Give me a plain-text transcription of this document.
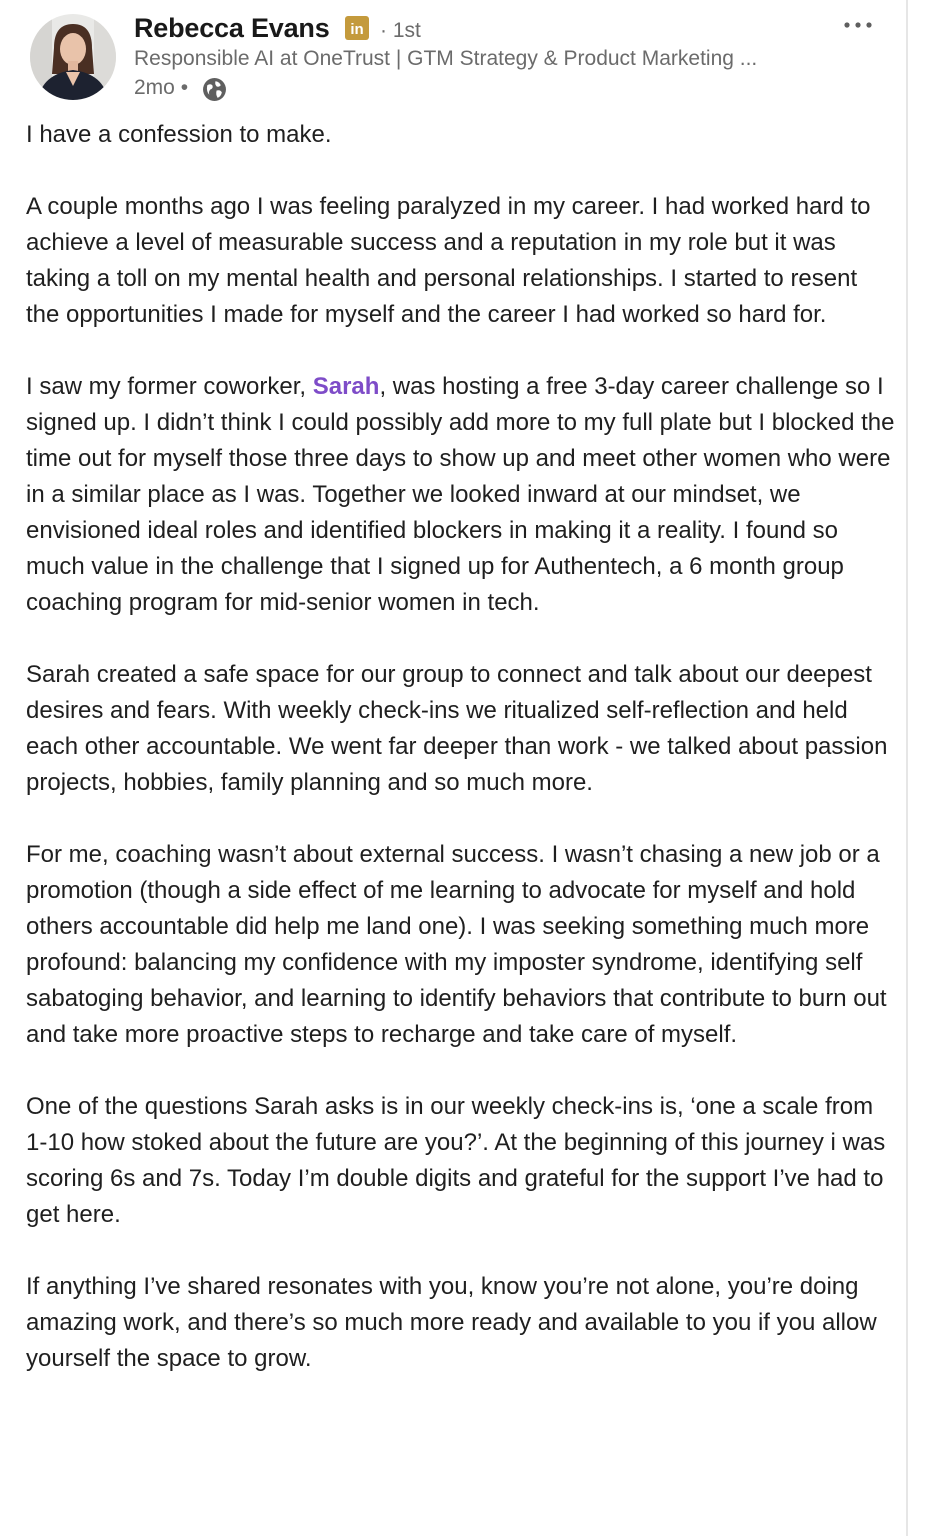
Rebecca Evans in · 1st
Responsible AI at OneTrust | GTM Strategy & Product Marketing ...
2mo •

I have a confession to make.

A couple months ago I was feeling paralyzed in my career. I had worked hard to achieve a level of measurable success and a reputation in my role but it was taking a toll on my mental health and personal relationships. I started to resent the opportunities I made for myself and the career I had worked so hard for.

I saw my former coworker, Sarah, was hosting a free 3-day career challenge so I signed up. I didn’t think I could possibly add more to my full plate but I blocked the time out for myself those three days to show up and meet other women who were in a similar place as I was. Together we looked inward at our mindset, we envisioned ideal roles and identified blockers in making it a reality. I found so much value in the challenge that I signed up for Authentech, a 6 month group coaching program for mid-senior women in tech.

Sarah created a safe space for our group to connect and talk about our deepest desires and fears. With weekly check-ins we ritualized self-reflection and held each other accountable. We went far deeper than work - we talked about passion projects, hobbies, family planning and so much more.

For me, coaching wasn’t about external success. I wasn’t chasing a new job or a promotion (though a side effect of me learning to advocate for myself and hold others accountable did help me land one). I was seeking something much more profound: balancing my confidence with my imposter syndrome, identifying self sabatoging behavior, and learning to identify behaviors that contribute to burn out and take more proactive steps to recharge and take care of myself.

One of the questions Sarah asks is in our weekly check-ins is, ‘one a scale from 1-10 how stoked about the future are you?’. At the beginning of this journey i was scoring 6s and 7s. Today I’m double digits and grateful for the support I’ve had to get here.

If anything I’ve shared resonates with you, know you’re not alone, you’re doing amazing work, and there’s so much more ready and available to you if you allow yourself the space to grow.
